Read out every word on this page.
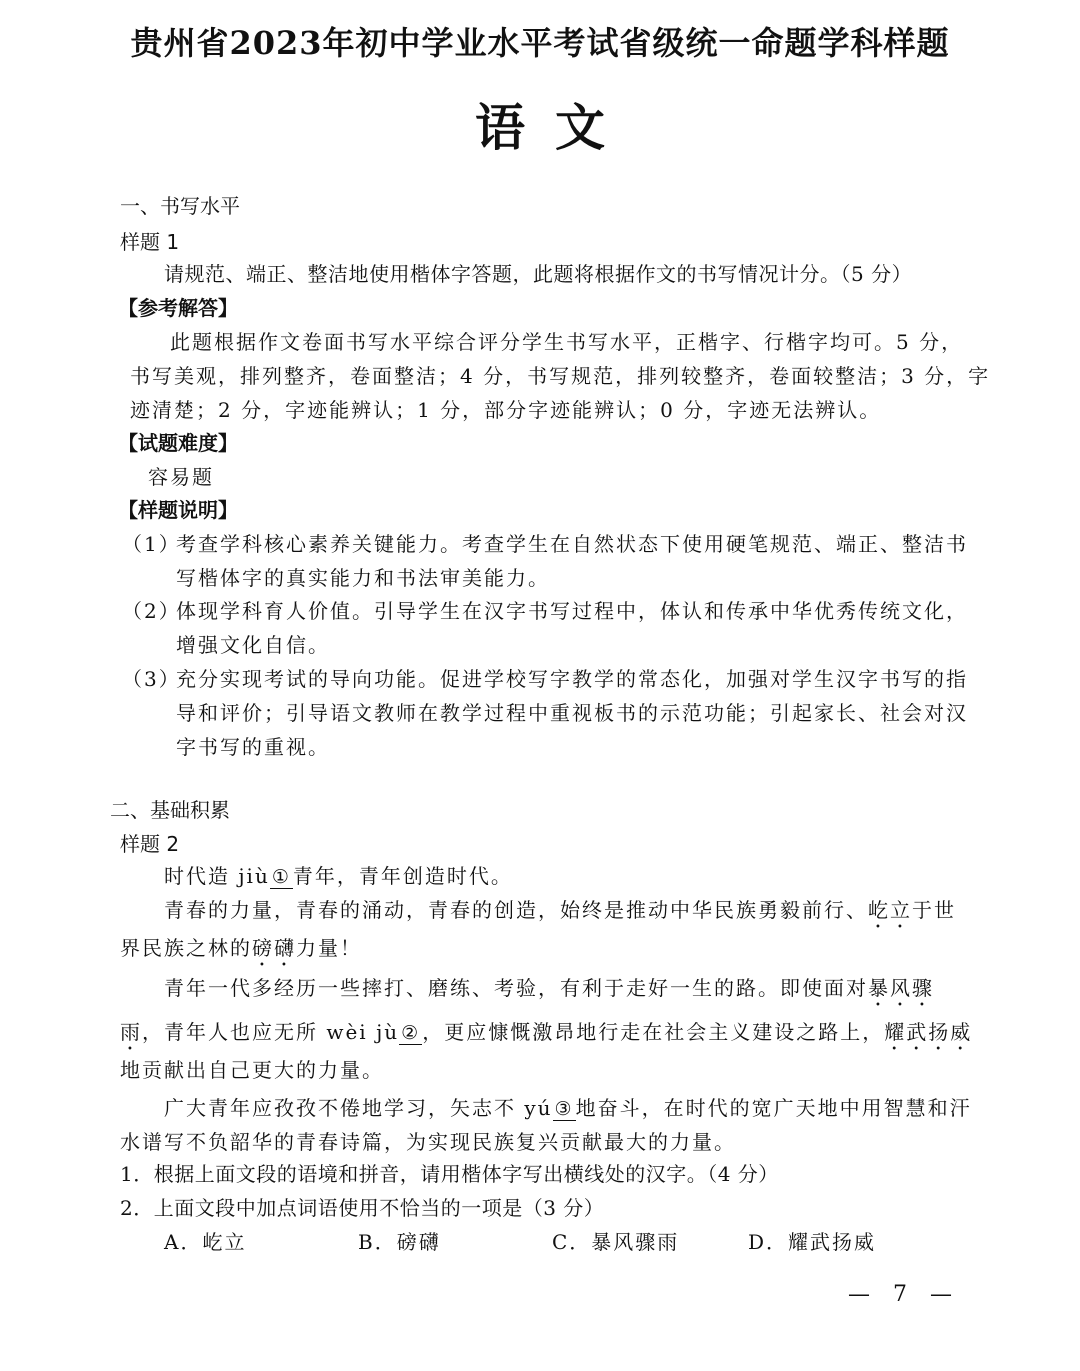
贵州省2023年初中学业水平考试省级统一命题学科样题
语文
一、书写水平
样题 1
请规范、端正、整洁地使用楷体字答题，此题将根据作文的书写情况计分。（5 分）
【参考解答】
此题根据作文卷面书写水平综合评分学生书写水平，正楷字、行楷字均可。5 分，
书写美观，排列整齐，卷面整洁；4 分，书写规范，排列较整齐，卷面较整洁；3 分，字
迹清楚；2 分，字迹能辨认；1 分，部分字迹能辨认；0 分，字迹无法辨认。
【试题难度】
容易题
【样题说明】
（1）
考查学科核心素养关键能力。考查学生在自然状态下使用硬笔规范、端正、整洁书
写楷体字的真实能力和书法审美能力。
（2）
体现学科育人价值。引导学生在汉字书写过程中，体认和传承中华优秀传统文化，
增强文化自信。
（3）
充分实现考试的导向功能。促进学校写字教学的常态化，加强对学生汉字书写的指
导和评价；引导语文教师在教学过程中重视板书的示范功能；引起家长、社会对汉
字书写的重视。
二、基础积累
样题 2
时代造 jiù ① 青年，青年创造时代。
青春的力量，青春的涌动，青春的创造，始终是推动中华民族勇毅前行、屹立于世
界民族之林的磅礴力量！
青年一代多经历一些摔打、磨练、考验，有利于走好一生的路。即使面对暴风骤
雨，青年人也应无所 wèi jù ② ，更应慷慨激昂地行走在社会主义建设之路上，耀武扬威
地贡献出自己更大的力量。
广大青年应孜孜不倦地学习，矢志不 yú ③ 地奋斗，在时代的宽广天地中用智慧和汗
水谱写不负韶华的青春诗篇，为实现民族复兴贡献最大的力量。
1．根据上面文段的语境和拼音，请用楷体字写出横线处的汉字。（4 分）
2．上面文段中加点词语使用不恰当的一项是（3 分）
A．屹立	B．磅礴	C．暴风骤雨	D．耀武扬威
— 7 —
